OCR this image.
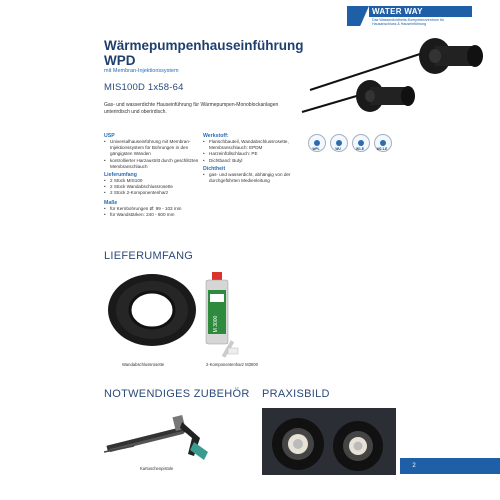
WATER WAY
Das Wasserdichtheits-Kompetenzzentrum für Hausanschluss & Hauseinführung
Wärmepumpenhauseinführung
WPD
mit Membran-Injektionssystem
MIS100D 1x58-64
Gas- und wasserdichte Hauseinführung für Wärmepumpen-Monoblockanlagen unterirdisch und oberirdisch.
USP
• Universalhauseinführung mit Membran-Injektionssystem für Bohrungen in den gängigsten Wänden
• kontrollierter Harzaustritt durch geschlitzten Membranschlauch
Lieferumfang
• 2 Stück MIS100
• 2 Stück Wandabschlussrosette
• 2 Stück 2-Komponentenharz
Maße
• für Kernbohrungen Ø: 99 - 103 mm
• für Wandstärken: 240 - 600 mm
Werkstoff:
• Flanschbauteil, Wandabschlussrosette, Membranschlauch: EPDM
• Harzeinfüllschlauch: PE
• Dichtband: Butyl
Dichtheit
• gas- und wasserdicht, abhängig von der durchgeführten Medienleitung
WPL	WU	W1-E	W2.1-E
LIEFERUMFANG
Wandabschlussrosette
M 3000
2-Komponentenharz M3000
NOTWENDIGES ZUBEHÖR
Kartuschenpistole
PRAXISBILD
2
